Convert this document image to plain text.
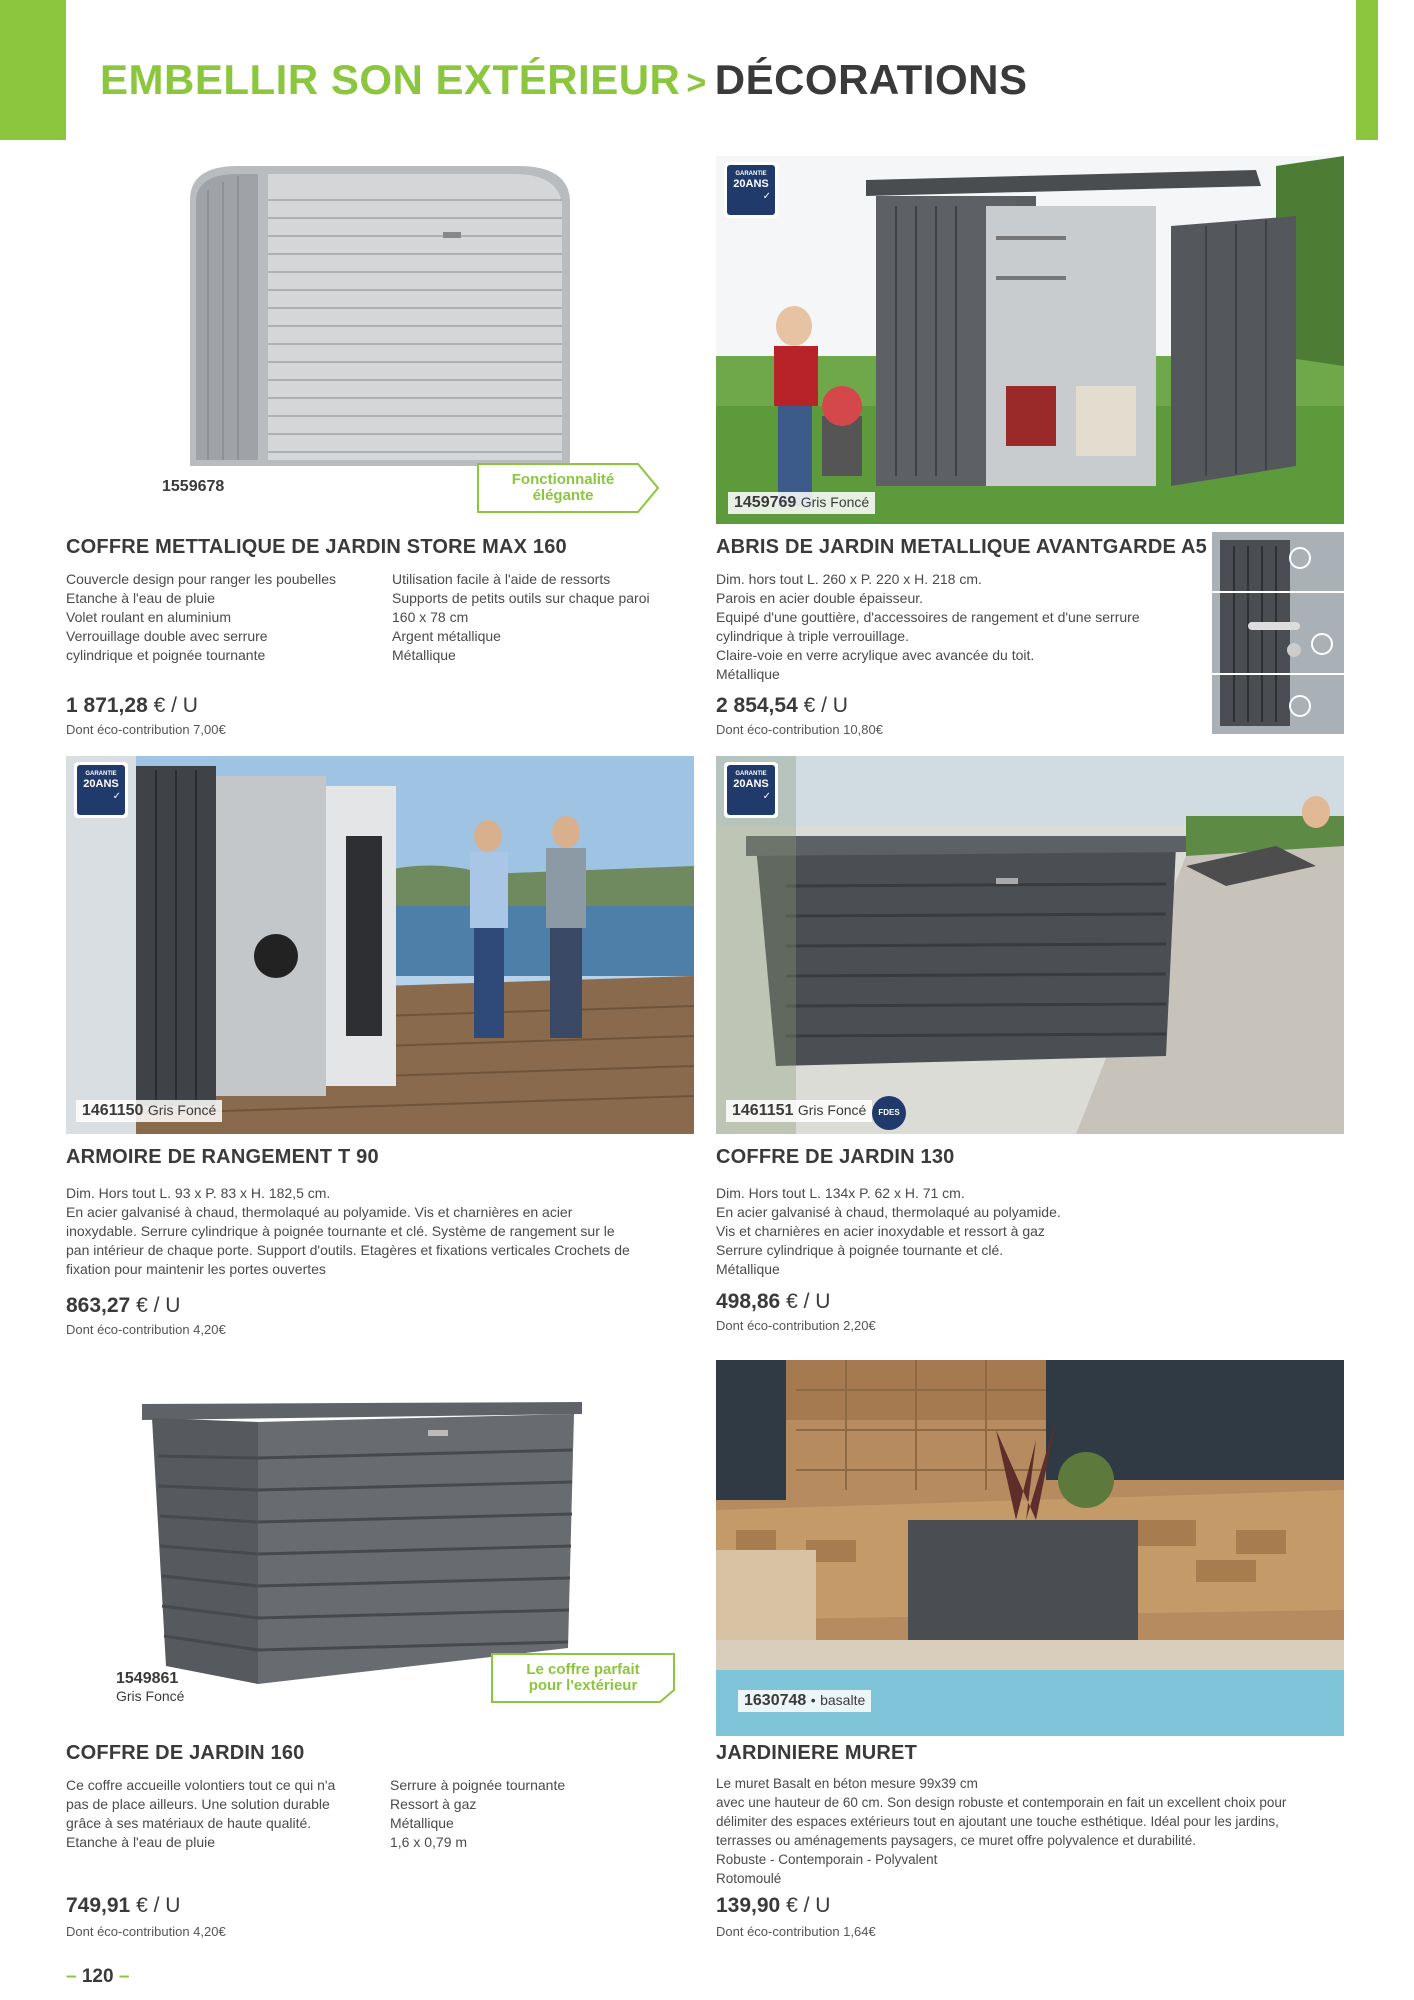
EMBELLIR SON EXTÉRIEUR > DÉCORATIONS
1559678	Fonctionnalité
élégante
COFFRE METTALIQUE DE JARDIN STORE MAX 160
Couvercle design pour ranger les poubelles
Etanche à l'eau de pluie
Volet roulant en aluminium
Verrouillage double avec serrure
cylindrique et poignée tournante
Utilisation facile à l'aide de ressorts
Supports de petits outils sur chaque paroi
160 x 78 cm
Argent métallique
Métallique
1 871,28 € / U
Dont éco-contribution 7,00€
GARANTIE
20ANS
✓
1459769 Gris Foncé
ABRIS DE JARDIN METALLIQUE AVANTGARDE A5
Dim. hors tout L. 260 x P. 220 x H. 218 cm.
Parois en acier double épaisseur.
Equipé d'une gouttière, d'accessoires de rangement et d'une serrure
cylindrique à triple verrouillage.
Claire-voie en verre acrylique avec avancée du toit.
Métallique
2 854,54 € / U
Dont éco-contribution 10,80€
GARANTIE
20ANS
✓
1461150 Gris Foncé
ARMOIRE DE RANGEMENT T 90
Dim. Hors tout L. 93 x P. 83 x H. 182,5 cm.
En acier galvanisé à chaud, thermolaqué au polyamide. Vis et charnières en acier
inoxydable. Serrure cylindrique à poignée tournante et clé. Système de rangement sur le
pan intérieur de chaque porte. Support d'outils. Etagères et fixations verticales Crochets de
fixation pour maintenir les portes ouvertes
863,27 € / U
Dont éco-contribution 4,20€
GARANTIE
20ANS
✓
1461151 Gris Foncé	FDES
COFFRE DE JARDIN 130
Dim. Hors tout L. 134x P. 62 x H. 71 cm.
En acier galvanisé à chaud, thermolaqué au polyamide.
Vis et charnières en acier inoxydable et ressort à gaz
Serrure cylindrique à poignée tournante et clé.
Métallique
498,86 € / U
Dont éco-contribution 2,20€
1549861
Gris Foncé
Le coffre parfait
pour l'extérieur
COFFRE DE JARDIN 160
Ce coffre accueille volontiers tout ce qui n'a
pas de place ailleurs. Une solution durable
grâce à ses matériaux de haute qualité.
Etanche à l'eau de pluie
Serrure à poignée tournante
Ressort à gaz
Métallique
1,6 x 0,79 m
749,91 € / U
Dont éco-contribution 4,20€
1630748 • basalte
JARDINIERE MURET
Le muret Basalt en béton mesure 99x39 cm
avec une hauteur de 60 cm. Son design robuste et contemporain en fait un excellent choix pour
délimiter des espaces extérieurs tout en ajoutant une touche esthétique. Idéal pour les jardins,
terrasses ou aménagements paysagers, ce muret offre polyvalence et durabilité.
Robuste - Contemporain - Polyvalent
Rotomoulé
139,90 € / U
Dont éco-contribution 1,64€
– 120 –
